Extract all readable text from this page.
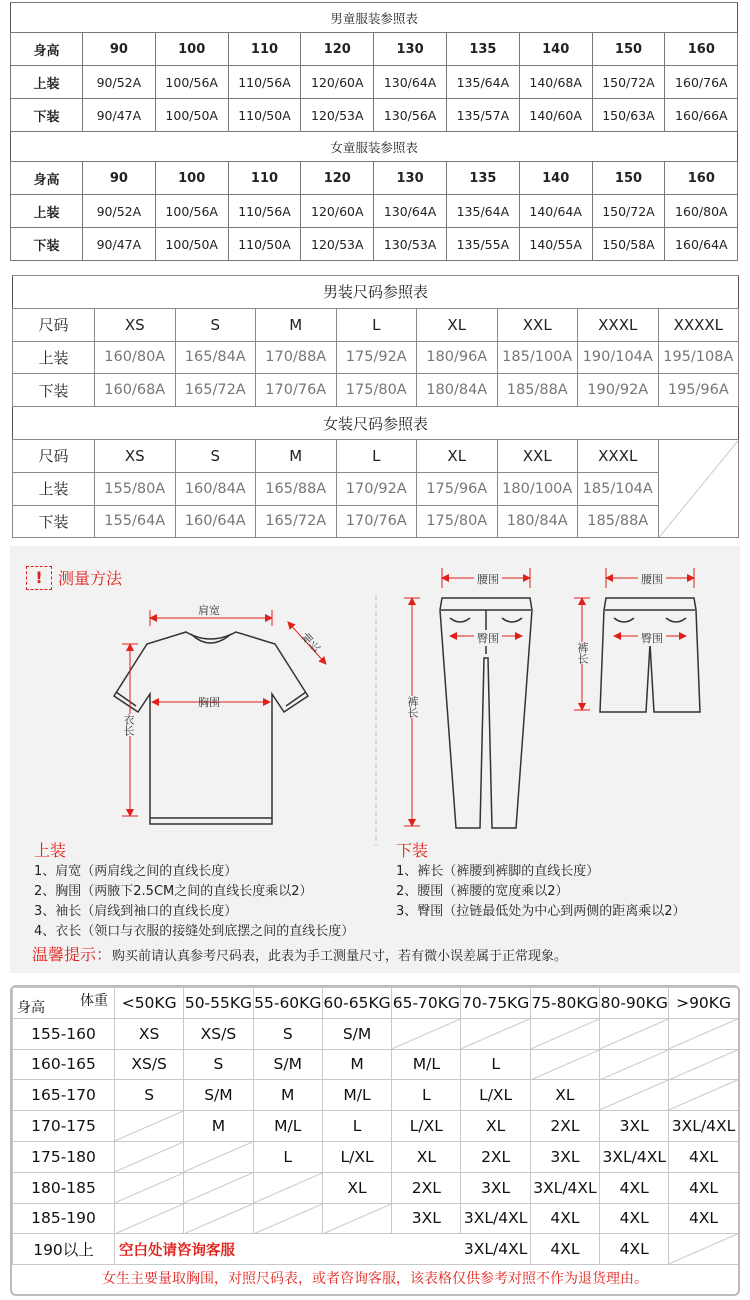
男童服装参照表									
身高	90	100	110	120	130	135	140	150	160
上装	90/52A	100/56A	110/56A	120/60A	130/64A	135/64A	140/68A	150/72A	160/76A
下装	90/47A	100/50A	110/50A	120/53A	130/56A	135/57A	140/60A	150/63A	160/66A
女童服装参照表									
身高	90	100	110	120	130	135	140	150	160
上装	90/52A	100/56A	110/56A	120/60A	130/64A	135/64A	140/64A	150/72A	160/80A
下装	90/47A	100/50A	110/50A	120/53A	130/53A	135/55A	140/55A	150/58A	160/64A
男装尺码参照表								
尺码	XS	S	M	L	XL	XXL	XXXL	XXXXL
上装	160/80A	165/84A	170/88A	175/92A	180/96A	185/100A	190/104A	195/108A
下装	160/68A	165/72A	170/76A	175/80A	180/84A	185/88A	190/92A	195/96A
女装尺码参照表								
尺码	XS	S	M	L	XL	XXL	XXXL	

上装	155/80A	160/84A	165/88A	170/92A	175/96A	180/100A	185/104A	
下装	155/64A	160/64A	165/72A	170/76A	175/80A	180/84A	185/88A	
! 测量方法
肩宽
袖长
胸围
衣长
腰围
臀围
裤长
腰围
臀围
裤长
上装
1、肩宽（两肩线之间的直线长度）
2、胸围（两腋下2.5CM之间的直线长度乘以2）
3、袖长（肩线到袖口的直线长度）
4、衣长（领口与衣服的接缝处到底摆之间的直线长度）
下装
1、裤长（裤腰到裤脚的直线长度）
2、腰围（裤腰的宽度乘以2）
3、臀围（拉链最低处为中心到两侧的距离乘以2）
温馨提示：购买前请认真参考尺码表，此表为手工测量尺寸，若有微小误差属于正常现象。
体重
身高	<50KG	50-55KG	55-60KG	60-65KG	65-70KG	70-75KG	75-80KG	80-90KG	>90KG
155-160	XS	XS/S	S	S/M	

160-165	XS/S	S	S/M	M	M/L	L	

165-170	S	S/M	M	M/L	L	L/XL	XL	

170-175		M	M/L	L	L/XL	XL	2XL	3XL	3XL/4XL
175-180			L	L/XL	XL	2XL	3XL	3XL/4XL	4XL
180-185				XL	2XL	3XL	3XL/4XL	4XL	4XL
185-190					3XL	3XL/4XL	4XL	4XL	4XL
190以上	空白处请咨询客服					3XL/4XL	4XL	4XL	
女生主要量取胸围，对照尺码表，或者咨询客服，该表格仅供参考对照不作为退货理由。
